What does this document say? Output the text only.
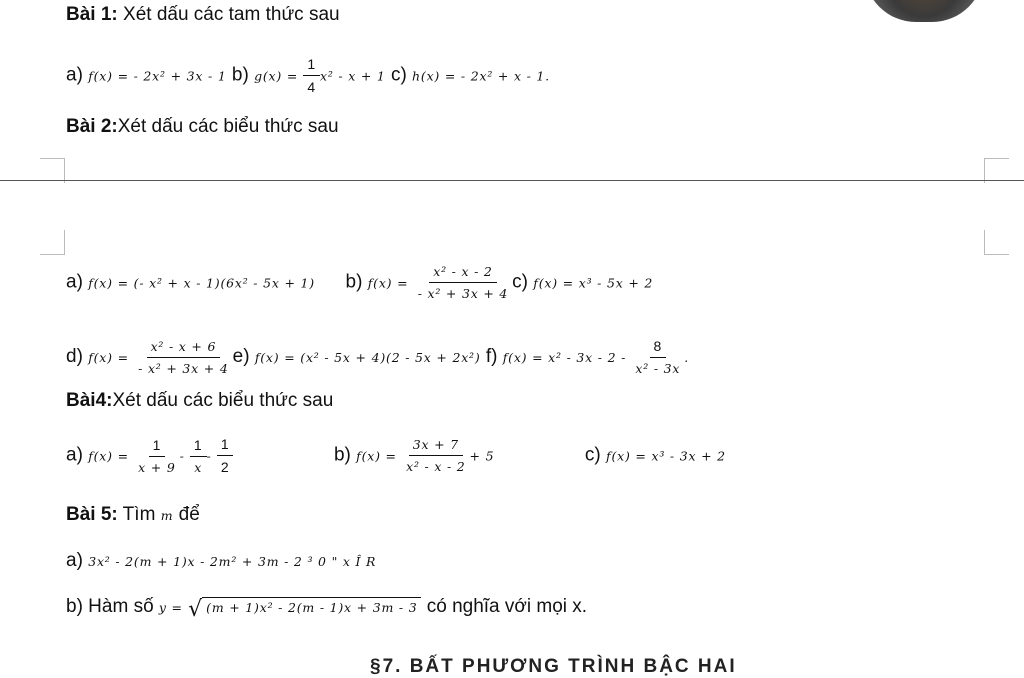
Bài 1: Xét dấu các tam thức sau
a) f(x) = - 2x² + 3x - 1 b) $g(x) = \frac{1}{4} x^2 - x + 1$ c) h(x) = - 2x² + x - 1.
Bài 2:Xét dấu các biểu thức sau
a) f(x) = (- x² + x - 1)(6x² - 5x + 1) b) $f(x) = \frac{\text{x² - x - 2}}{\text{- x² + 3x + 4}} c$) f(x) = x³ - 5x + 2
d) $f(x) = \frac{\text{x² - x + 6}}{\text{- x² + 3x + 4}} e$) f(x) = (x² - 5x + 4)(2 - 5x + 2x²) f) $f(x) = x^2 - 3x - 2 - \frac{8}{\text{x² - 3x}}$ .
Bài4:Xét dấu các biểu thức sau
a) $f(x) = \frac{1}{x + 9} - \frac{1}{x} - \frac{1}{2}$	b) $f(x) = \frac{3x + 7}{\text{x² - x - 2}} + 5$	c) f(x) = x³ - 3x + 2
Bài 5: Tìm m để
a) 3x² - 2(m + 1)x - 2m² + 3m - 2 ³ 0 " x Î R
b) Hàm số y = √ (m + 1)x² - 2(m - 1)x + 3m - 3 có nghĩa với mọi x.
§7. BẤT PHƯƠNG TRÌNH BẬC HAI
